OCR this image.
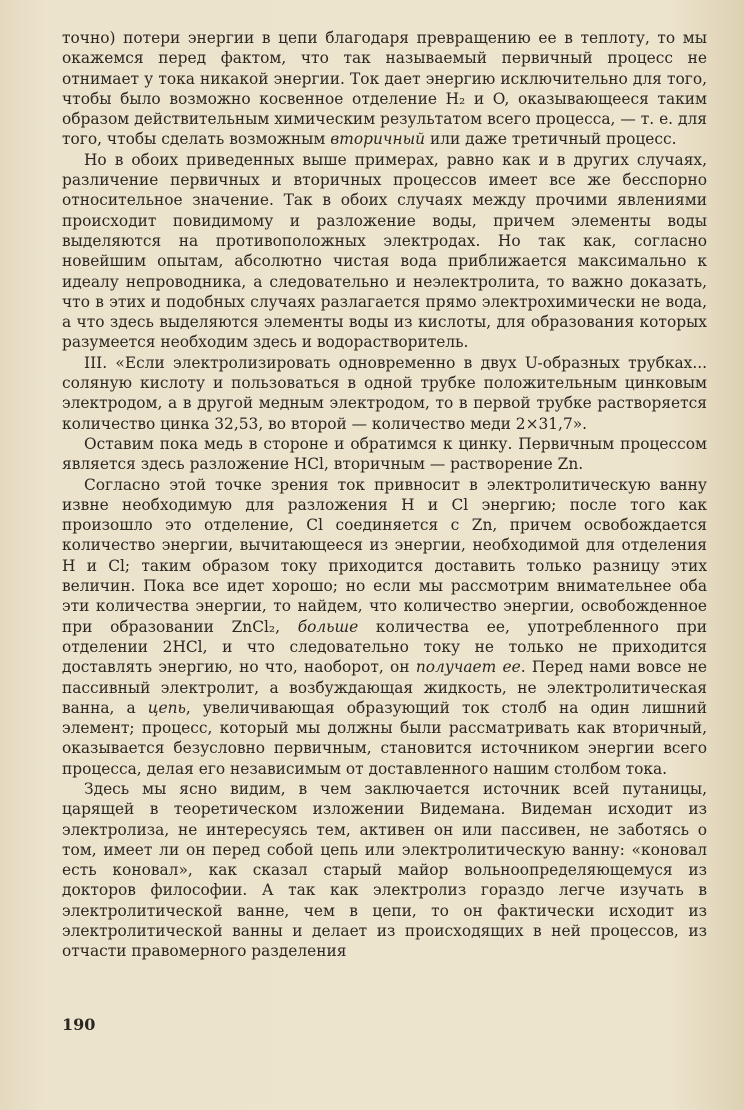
точно) потери энергии в цепи благодаря превращению ее в теплоту, то мы окажемся перед фактом, что так называемый первичный процесс не отнимает у тока никакой энергии. Ток дает энергию исключительно для того, чтобы было возможно косвенное отделение H₂ и O, оказывающееся таким образом действительным химическим результатом всего процесса, — т. е. для того, чтобы сделать возможным вторичный или даже третичный процесс.

Но в обоих приведенных выше примерах, равно как и в других случаях, различение первичных и вторичных процессов имеет все же бесспорно относительное значение. Так в обоих случаях между прочими явлениями происходит повидимому и разложение воды, причем элементы воды выделяются на противоположных электродах. Но так как, согласно новейшим опытам, абсолютно чистая вода приближается максимально к идеалу непроводника, а следовательно и неэлектролита, то важно доказать, что в этих и подобных случаях разлагается прямо электрохимически не вода, а что здесь выделяются элементы воды из кислоты, для образования которых разумеется необходим здесь и водорастворитель.

III. «Если электролизировать одновременно в двух U-образных трубках... соляную кислоту и пользоваться в одной трубке положительным цинковым электродом, а в другой медным электродом, то в первой трубке растворяется количество цинка 32,53, во второй — количество меди 2×31,7».

Оставим пока медь в стороне и обратимся к цинку. Первичным процессом является здесь разложение HCl, вторичным — растворение Zn.

Согласно этой точке зрения ток привносит в электролитическую ванну извне необходимую для разложения H и Cl энергию; после того как произошло это отделение, Cl соединяется с Zn, причем освобождается количество энергии, вычитающееся из энергии, необходимой для отделения H и Cl; таким образом току приходится доставить только разницу этих величин. Пока все идет хорошо; но если мы рассмотрим внимательнее оба эти количества энергии, то найдем, что количество энергии, освобожденное при образовании ZnCl₂, больше количества ее, употребленного при отделении 2HCl, и что следовательно току не только не приходится доставлять энергию, но что, наоборот, он получает ее. Перед нами вовсе не пассивный электролит, а возбуждающая жидкость, не электролитическая ванна, а цепь, увеличивающая образующий ток столб на один лишний элемент; процесс, который мы должны были рассматривать как вторичный, оказывается безусловно первичным, становится источником энергии всего процесса, делая его независимым от доставленного нашим столбом тока.

Здесь мы ясно видим, в чем заключается источник всей путаницы, царящей в теоретическом изложении Видемана. Видеман исходит из электролиза, не интересуясь тем, активен он или пассивен, не заботясь о том, имеет ли он перед собой цепь или электролитическую ванну: «коновал есть коновал», как сказал старый майор вольноопределяющемуся из докторов философии. А так как электролиз гораздо легче изучать в электролитической ванне, чем в цепи, то он фактически исходит из электролитической ванны и делает из происходящих в ней процессов, из отчасти правомерного разделения

190
